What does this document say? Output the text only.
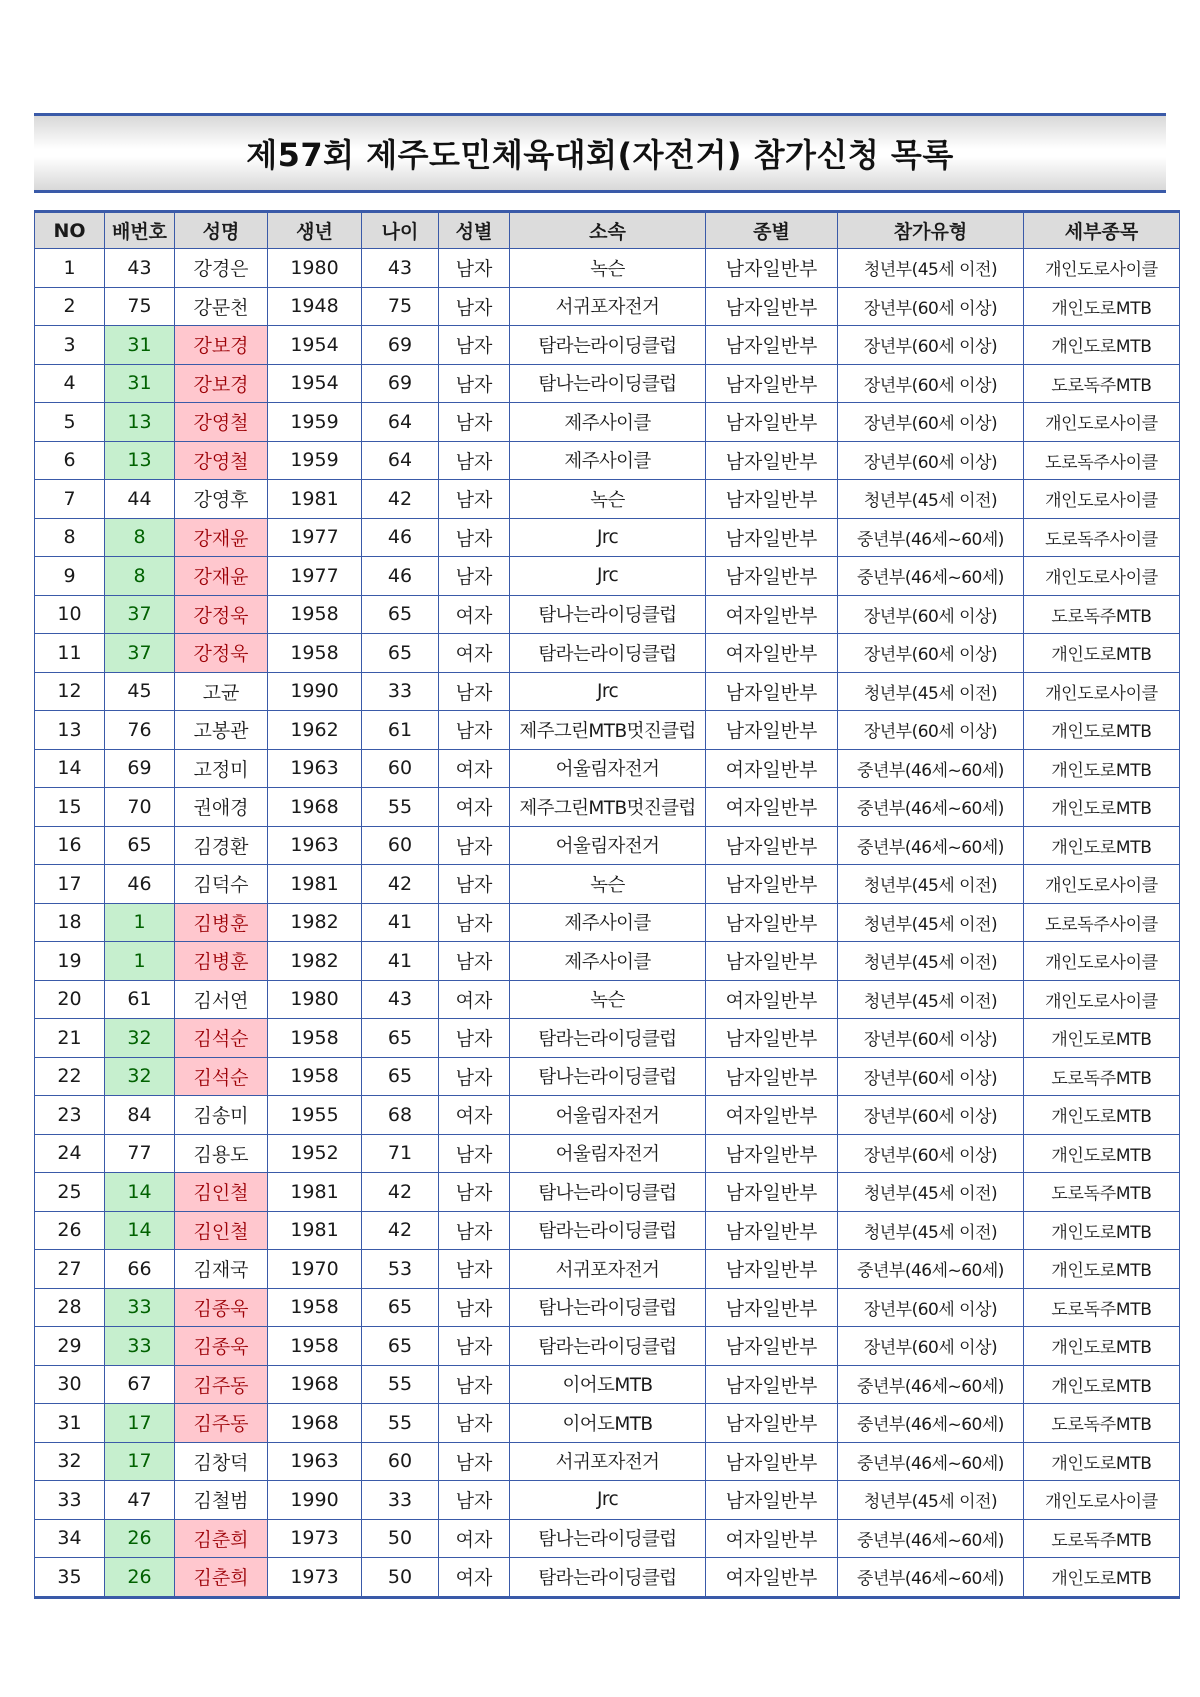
제57회 제주도민체육대회(자전거) 참가신청 목록
NO	배번호	성명	생년	나이	성별	소속	종별	참가유형	세부종목
1	43	강경은	1980	43	남자	녹슨	남자일반부	청년부(45세 이전)	개인도로사이클
2	75	강문천	1948	75	남자	서귀포자전거	남자일반부	장년부(60세 이상)	개인도로MTB
3	31	강보경	1954	69	남자	탐라는라이딩클럽	남자일반부	장년부(60세 이상)	개인도로MTB
4	31	강보경	1954	69	남자	탐나는라이딩클럽	남자일반부	장년부(60세 이상)	도로독주MTB
5	13	강영철	1959	64	남자	제주사이클	남자일반부	장년부(60세 이상)	개인도로사이클
6	13	강영철	1959	64	남자	제주사이클	남자일반부	장년부(60세 이상)	도로독주사이클
7	44	강영후	1981	42	남자	녹슨	남자일반부	청년부(45세 이전)	개인도로사이클
8	8	강재윤	1977	46	남자	Jrc	남자일반부	중년부(46세~60세)	도로독주사이클
9	8	강재윤	1977	46	남자	Jrc	남자일반부	중년부(46세~60세)	개인도로사이클
10	37	강정욱	1958	65	여자	탐나는라이딩클럽	여자일반부	장년부(60세 이상)	도로독주MTB
11	37	강정욱	1958	65	여자	탐라는라이딩클럽	여자일반부	장년부(60세 이상)	개인도로MTB
12	45	고균	1990	33	남자	Jrc	남자일반부	청년부(45세 이전)	개인도로사이클
13	76	고봉관	1962	61	남자	제주그린MTB멋진클럽	남자일반부	장년부(60세 이상)	개인도로MTB
14	69	고정미	1963	60	여자	어울림자전거	여자일반부	중년부(46세~60세)	개인도로MTB
15	70	권애경	1968	55	여자	제주그린MTB멋진클럽	여자일반부	중년부(46세~60세)	개인도로MTB
16	65	김경환	1963	60	남자	어울림자전거	남자일반부	중년부(46세~60세)	개인도로MTB
17	46	김덕수	1981	42	남자	녹슨	남자일반부	청년부(45세 이전)	개인도로사이클
18	1	김병훈	1982	41	남자	제주사이클	남자일반부	청년부(45세 이전)	도로독주사이클
19	1	김병훈	1982	41	남자	제주사이클	남자일반부	청년부(45세 이전)	개인도로사이클
20	61	김서연	1980	43	여자	녹슨	여자일반부	청년부(45세 이전)	개인도로사이클
21	32	김석순	1958	65	남자	탐라는라이딩클럽	남자일반부	장년부(60세 이상)	개인도로MTB
22	32	김석순	1958	65	남자	탐나는라이딩클럽	남자일반부	장년부(60세 이상)	도로독주MTB
23	84	김송미	1955	68	여자	어울림자전거	여자일반부	장년부(60세 이상)	개인도로MTB
24	77	김용도	1952	71	남자	어울림자전거	남자일반부	장년부(60세 이상)	개인도로MTB
25	14	김인철	1981	42	남자	탐나는라이딩클럽	남자일반부	청년부(45세 이전)	도로독주MTB
26	14	김인철	1981	42	남자	탐라는라이딩클럽	남자일반부	청년부(45세 이전)	개인도로MTB
27	66	김재국	1970	53	남자	서귀포자전거	남자일반부	중년부(46세~60세)	개인도로MTB
28	33	김종욱	1958	65	남자	탐나는라이딩클럽	남자일반부	장년부(60세 이상)	도로독주MTB
29	33	김종욱	1958	65	남자	탐라는라이딩클럽	남자일반부	장년부(60세 이상)	개인도로MTB
30	67	김주동	1968	55	남자	이어도MTB	남자일반부	중년부(46세~60세)	개인도로MTB
31	17	김주동	1968	55	남자	이어도MTB	남자일반부	중년부(46세~60세)	도로독주MTB
32	17	김창덕	1963	60	남자	서귀포자전거	남자일반부	중년부(46세~60세)	개인도로MTB
33	47	김철범	1990	33	남자	Jrc	남자일반부	청년부(45세 이전)	개인도로사이클
34	26	김춘희	1973	50	여자	탐나는라이딩클럽	여자일반부	중년부(46세~60세)	도로독주MTB
35	26	김춘희	1973	50	여자	탐라는라이딩클럽	여자일반부	중년부(46세~60세)	개인도로MTB
